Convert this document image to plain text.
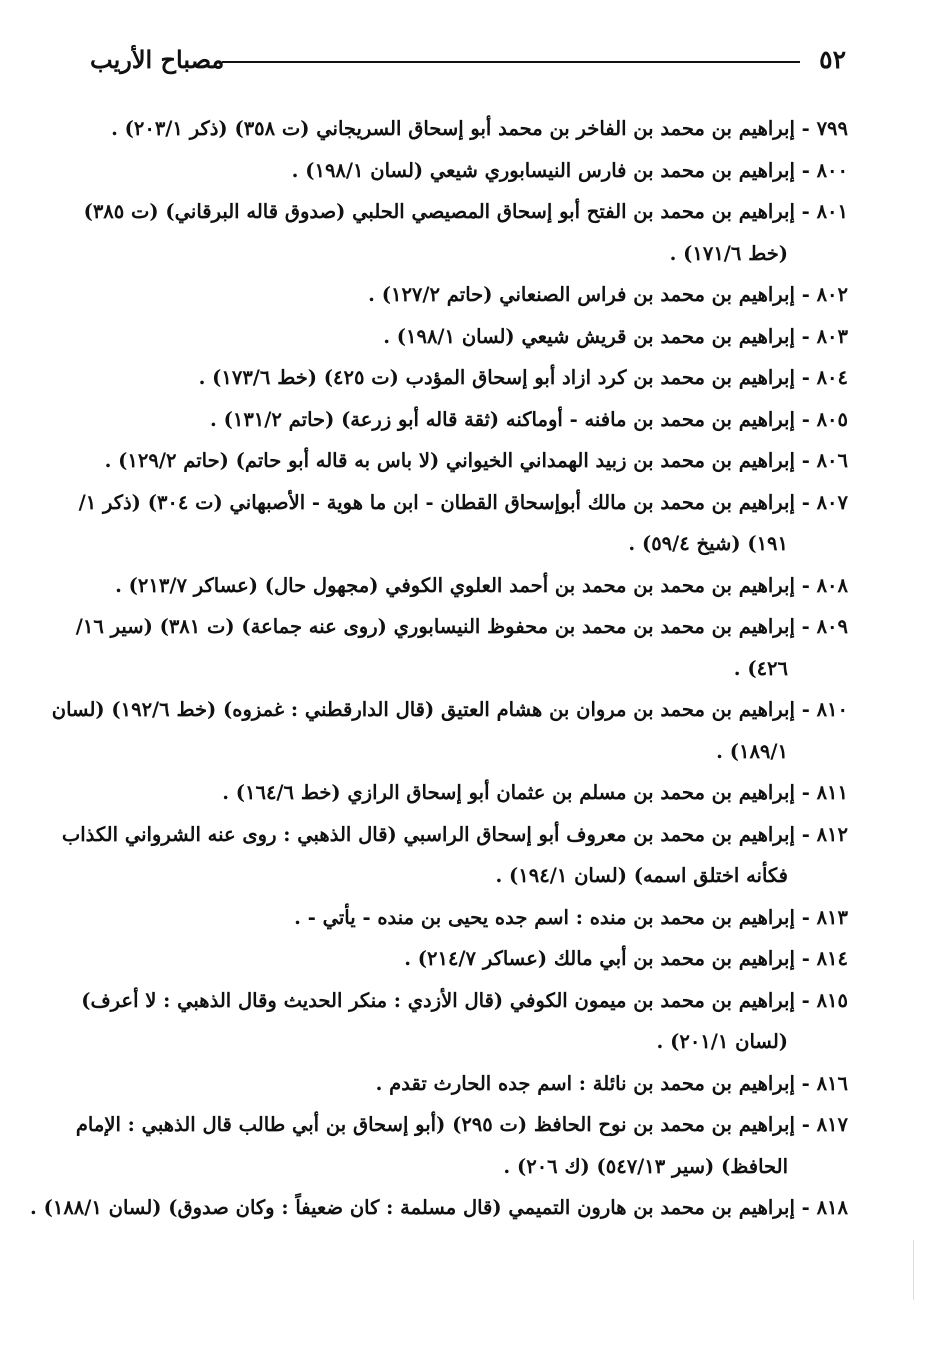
٥٢
مصباح الأريب
٧٩٩ - إبراهيم بن محمد بن الفاخر بن محمد أبو إسحاق السريجاني (ت ٣٥٨) (ذكر ٢٠٣/١) .
٨٠٠ - إبراهيم بن محمد بن فارس النيسابوري شيعي (لسان ١٩٨/١) .
٨٠١ - إبراهيم بن محمد بن الفتح أبو إسحاق المصيصي الحلبي (صدوق قاله البرقاني) (ت ٣٨٥)
(خط ١٧١/٦) .
٨٠٢ - إبراهيم بن محمد بن فراس الصنعاني (حاتم ١٢٧/٢) .
٨٠٣ - إبراهيم بن محمد بن قريش شيعي (لسان ١٩٨/١) .
٨٠٤ - إبراهيم بن محمد بن كرد ازاد أبو إسحاق المؤدب (ت ٤٢٥) (خط ١٧٣/٦) .
٨٠٥ - إبراهيم بن محمد بن مافنه - أوماكنه (ثقة قاله أبو زرعة) (حاتم ١٣١/٢) .
٨٠٦ - إبراهيم بن محمد بن زبيد الهمداني الخيواني (لا باس به قاله أبو حاتم) (حاتم ١٢٩/٢) .
٨٠٧ - إبراهيم بن محمد بن مالك أبوإسحاق القطان - ابن ما هوية - الأصبهاني (ت ٣٠٤) (ذكر ١/
١٩١) (شيخ ٥٩/٤) .
٨٠٨ - إبراهيم بن محمد بن محمد بن أحمد العلوي الكوفي (مجهول حال) (عساكر ٢١٣/٧) .
٨٠٩ - إبراهيم بن محمد بن محمد بن محفوظ النيسابوري (روى عنه جماعة) (ت ٣٨١) (سير ١٦/
٤٢٦) .
٨١٠ - إبراهيم بن محمد بن مروان بن هشام العتيق (قال الدارقطني : غمزوه) (خط ١٩٢/٦) (لسان
١٨٩/١) .
٨١١ - إبراهيم بن محمد بن مسلم بن عثمان أبو إسحاق الرازي (خط ١٦٤/٦) .
٨١٢ - إبراهيم بن محمد بن معروف أبو إسحاق الراسبي (قال الذهبي : روى عنه الشرواني الكذاب
فكأنه اختلق اسمه) (لسان ١٩٤/١) .
٨١٣ - إبراهيم بن محمد بن منده : اسم جده يحيى بن منده - يأتي - .
٨١٤ - إبراهيم بن محمد بن أبي مالك (عساكر ٢١٤/٧) .
٨١٥ - إبراهيم بن محمد بن ميمون الكوفي (قال الأزدي : منكر الحديث وقال الذهبي : لا أعرف)
(لسان ٢٠١/١) .
٨١٦ - إبراهيم بن محمد بن نائلة : اسم جده الحارث تقدم .
٨١٧ - إبراهيم بن محمد بن نوح الحافظ (ت ٢٩٥) (أبو إسحاق بن أبي طالب قال الذهبي : الإمام
الحافظ) (سير ٥٤٧/١٣) (ك ٢٠٦) .
٨١٨ - إبراهيم بن محمد بن هارون التميمي (قال مسلمة : كان ضعيفاً : وكان صدوق) (لسان ١٨٨/١) .
